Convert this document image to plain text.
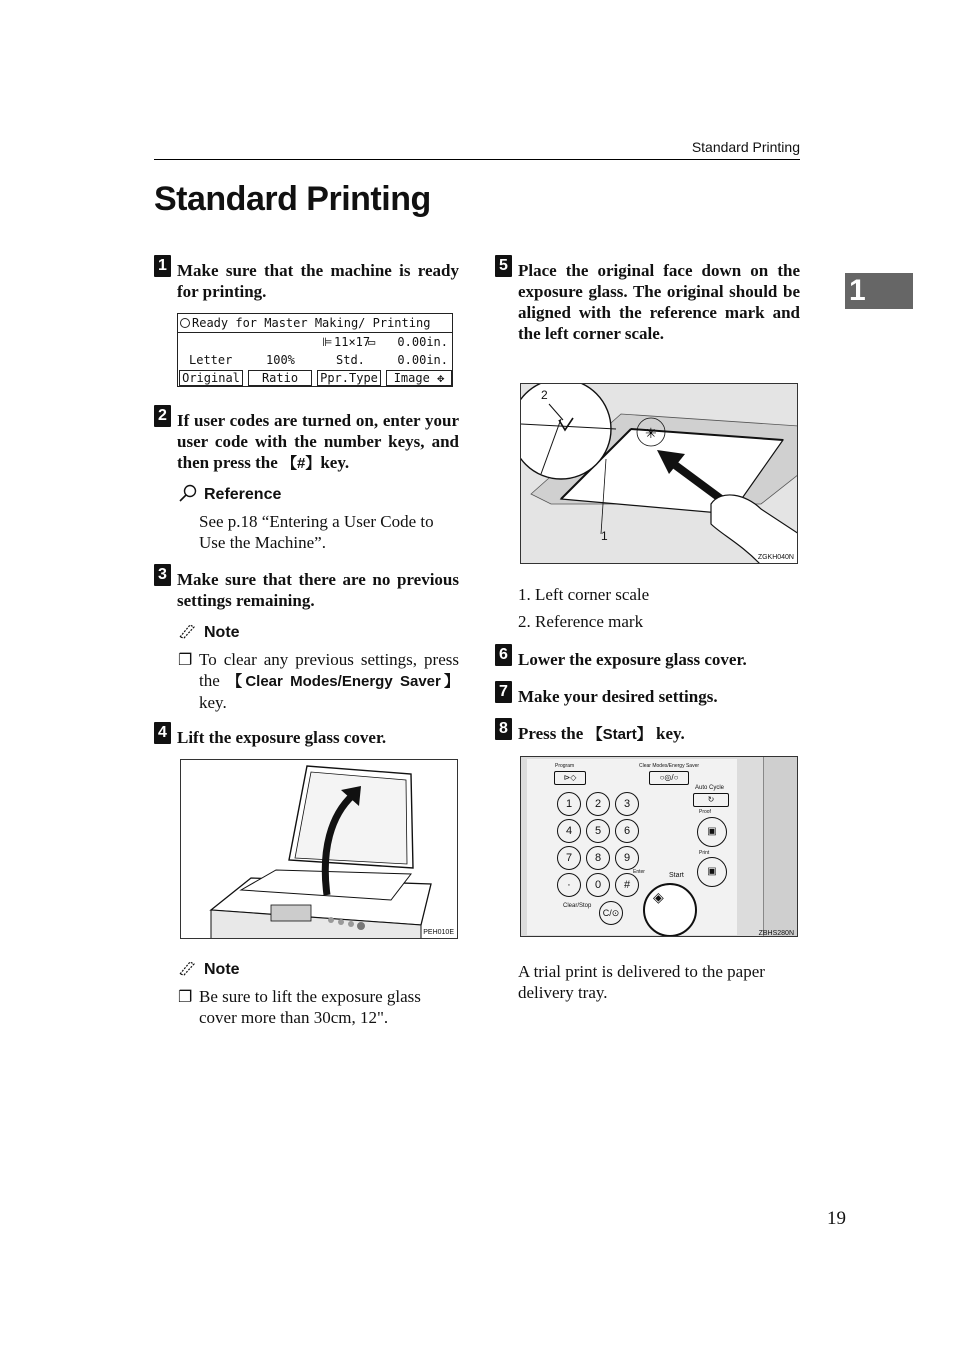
Standard Printing
Standard Printing
1
1 Make sure that the machine is ready for printing.
Ready for Master Making/ Printing
⊫ 11×17
▭ 0.00in.
Letter	100%	Std.	0.00in.
Original	Ratio	Ppr.Type	Image ✥
2 If user codes are turned on, enter your user code with the number keys, and then press the 【#】key.
Reference
See p.18 “Entering a User Code to Use the Machine”.
3 Make sure that there are no previous settings remaining.
Note
❐ To clear any previous settings, press the 【Clear Modes/Energy Saver】 key.
4 Lift the exposure glass cover.
PEH010E
Note
❐ Be sure to lift the exposure glass cover more than 30cm, 12".
5 Place the original face down on the exposure glass. The original should be aligned with the reference mark and the left corner scale.
✳
2
1
ZGKH040N
1. Left corner scale
2. Reference mark
6 Lower the exposure glass cover.
7 Make your desired settings.
8 Press the 【Start】 key.
Program
⊳◇
Clear Modes/Energy Saver
○◎/○
Auto Cycle
↻
Proof
▣
Print
▣
1	2	3
4	5	6
7	8	9
·	0	#
Enter
Clear/Stop
C/⊙
Start
◈
ZBHS280N
A trial print is delivered to the paper delivery tray.
19
